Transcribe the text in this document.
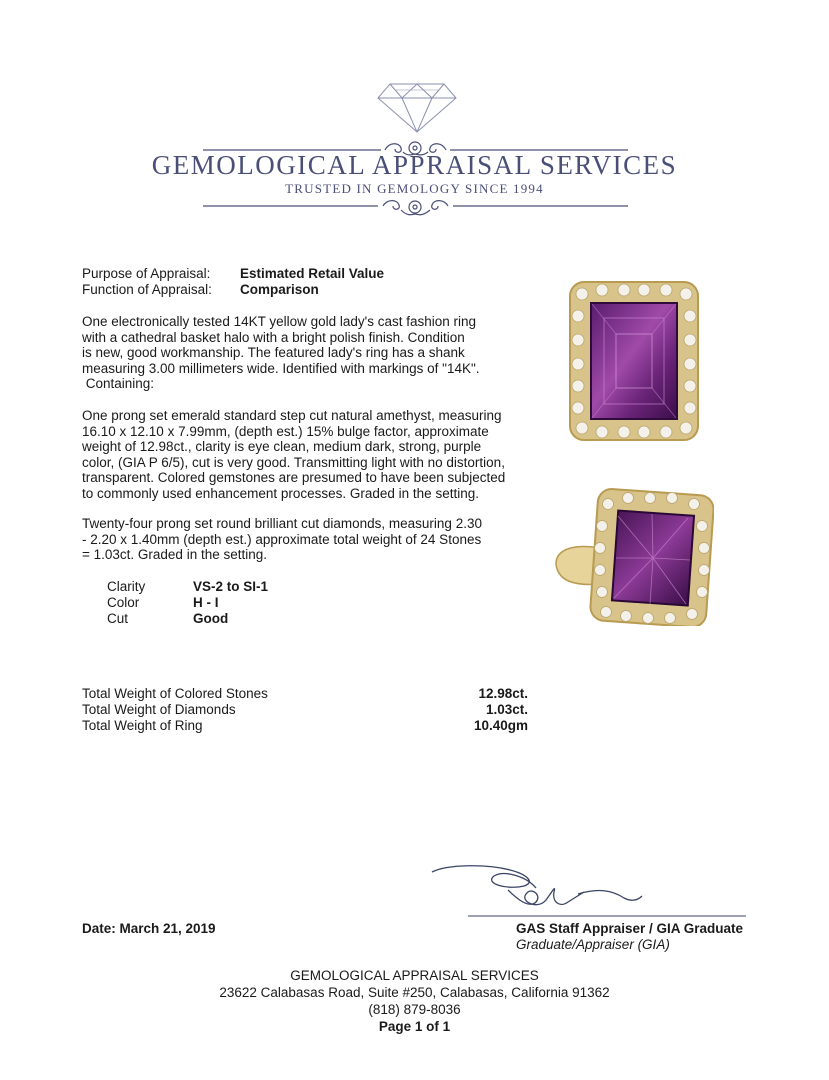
GEMOLOGICAL APPRAISAL SERVICES
TRUSTED IN GEMOLOGY SINCE 1994
Purpose of Appraisal: Estimated Retail Value
Function of Appraisal: Comparison
One electronically tested 14KT yellow gold lady's cast fashion ring
with a cathedral basket halo with a bright polish finish. Condition
is new, good workmanship. The featured lady's ring has a shank
measuring 3.00 millimeters wide. Identified with markings of "14K".
Containing:
One prong set emerald standard step cut natural amethyst, measuring
16.10 x 12.10 x 7.99mm, (depth est.) 15% bulge factor, approximate
weight of 12.98ct., clarity is eye clean, medium dark, strong, purple
color, (GIA P 6/5), cut is very good. Transmitting light with no distortion,
transparent. Colored gemstones are presumed to have been subjected
to commonly used enhancement processes. Graded in the setting.
Twenty-four prong set round brilliant cut diamonds, measuring 2.30
- 2.20 x 1.40mm (depth est.) approximate total weight of 24 Stones
= 1.03ct. Graded in the setting.
Clarity	VS-2 to SI-1
Color	H - I
Cut	Good
Total Weight of Colored Stones	12.98ct.
Total Weight of Diamonds	1.03ct.
Total Weight of Ring	10.40gm
Date: March 21, 2019	GAS Staff Appraiser / GIA Graduate
Graduate/Appraiser (GIA)
GEMOLOGICAL APPRAISAL SERVICES
23622 Calabasas Road, Suite #250, Calabasas, California 91362
(818) 879-8036
Page 1 of 1
